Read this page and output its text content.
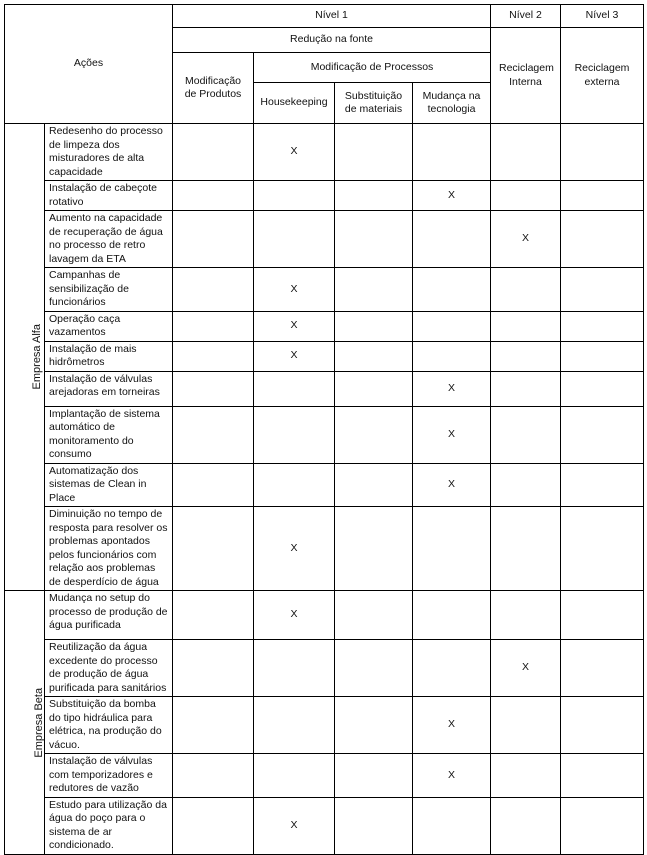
Ações		Nível 1				Nível 2	Nível 3
		Redução na fonte				Reciclagem Interna	Reciclagem externa
		Modificação de Produtos	Modificação de Processos				
			Housekeeping	Substituição de materiais	Mudança na tecnologia		
Empresa Alfa	Redesenho do processo de limpeza dos misturadores de alta capacidade		X				
	Instalação de cabeçote rotativo				X		
	Aumento na capacidade de recuperação de água no processo de retro lavagem da ETA					X	
	Campanhas de sensibilização de funcionários		X				
	Operação caça vazamentos		X				
	Instalação de mais hidrômetros		X				
	Instalação de válvulas arejadoras em torneiras				X		
	Implantação de sistema automático de monitoramento do consumo				X		
	Automatização dos sistemas de Clean in Place				X		
	Diminuição no tempo de resposta para resolver os problemas apontados pelos funcionários com relação aos problemas de desperdício de água		X				
Empresa Beta	Mudança no setup do processo de produção de água purificada		X				
	Reutilização da água excedente do processo de produção de água purificada para sanitários					X	
	Substituição da bomba do tipo hidráulica para elétrica, na produção do vácuo.				X		
	Instalação de válvulas com temporizadores e redutores de vazão				X		
	Estudo para utilização da água do poço para o sistema de ar condicionado.		X				
